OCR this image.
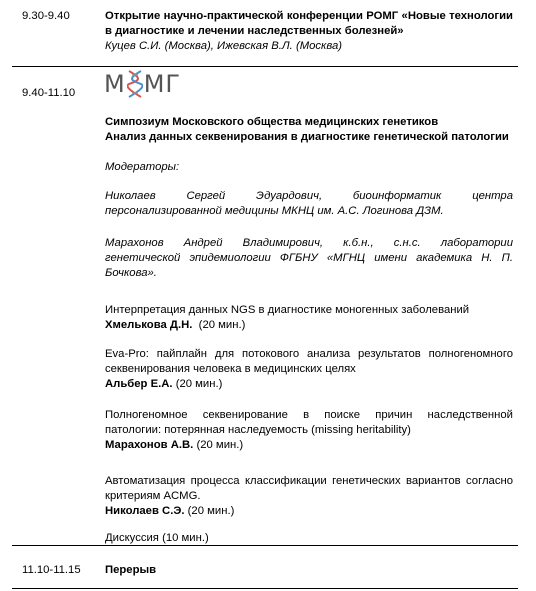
9.30-9.40	Открытие научно-практической конференции РОМГ «Новые технологии

в диагностике и лечении наследственных болезней»

Куцев С.И. (Москва), Ижевская В.Л. (Москва)

9.40-11.10 М МГ

Симпозиум Московского общества медицинских генетиков

Анализ данных секвенирования в диагностике генетической патологии

Модераторы:

Николаев Сергей Эдуардович, биоинформатик центра

персонализированной медицины МКНЦ им. А.С. Логинова ДЗМ.

Марахонов Андрей Владимирович, к.б.н., с.н.с. лаборатории

генетической эпидемиологии ФГБНУ «МГНЦ имени академика Н. П.

Бочкова».

Интерпретация данных NGS в диагностике моногенных заболеваний

Хмелькова Д.Н.  (20 мин.)

Eva-Pro: пайплайн для потокового анализа результатов полногеномного

секвенирования человека в медицинских целях

Альбер Е.А. (20 мин.)

Полногеномное секвенирование в поиске причин наследственной

патологии: потерянная наследуемость (missing heritability)

Марахонов А.В. (20 мин.)

Автоматизация процесса классификации генетических вариантов согласно

критериям ACMG.

Николаев С.Э. (20 мин.)

Дискуссия (10 мин.)

11.10-11.15 Перерыв
